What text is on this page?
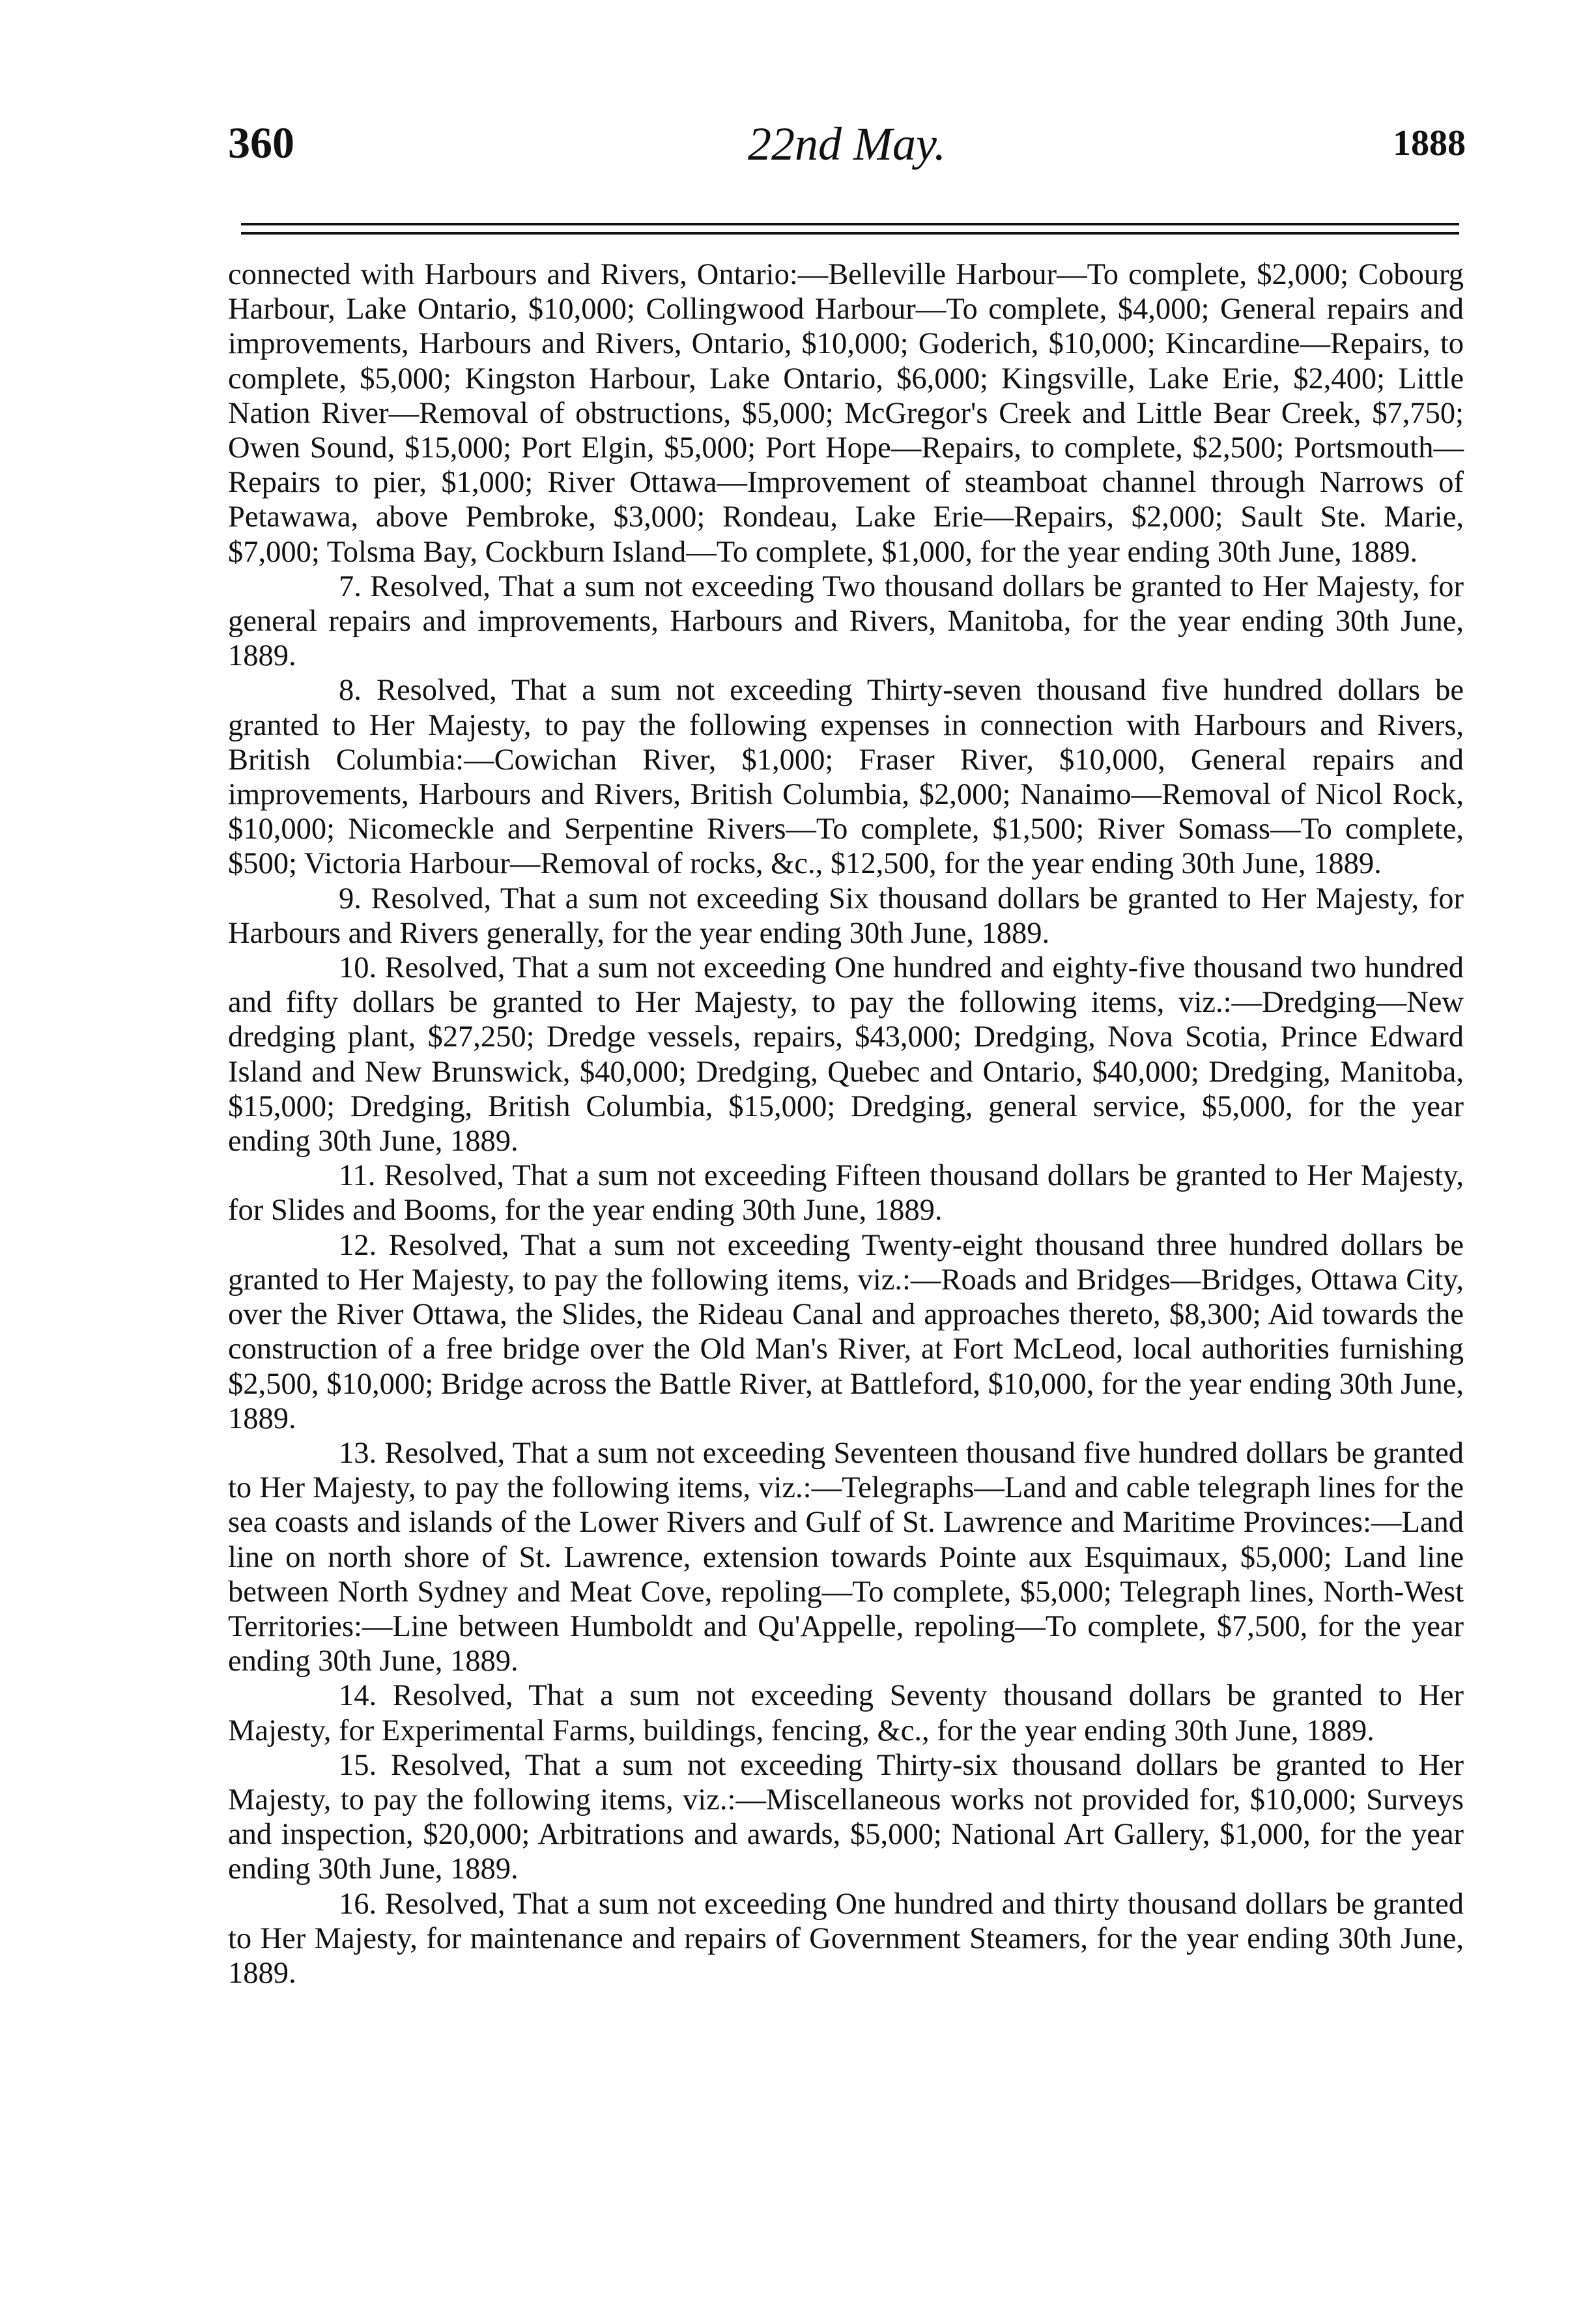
360	22nd May.	1888

connected with Harbours and Rivers, Ontario:—Belleville Harbour—To complete, $2,000; Cobourg Harbour, Lake Ontario, $10,000; Collingwood Harbour—To complete, $4,000; General repairs and improvements, Harbours and Rivers, Ontario, $10,000; Goderich, $10,000; Kincardine—Repairs, to complete, $5,000; Kingston Harbour, Lake Ontario, $6,000; Kingsville, Lake Erie, $2,400; Little Nation River—Removal of obstructions, $5,000; McGregor's Creek and Little Bear Creek, $7,750; Owen Sound, $15,000; Port Elgin, $5,000; Port Hope—Repairs, to complete, $2,500; Portsmouth—Repairs to pier, $1,000; River Ottawa—Improvement of steamboat channel through Narrows of Petawawa, above Pembroke, $3,000; Rondeau, Lake Erie—Repairs, $2,000; Sault Ste. Marie, $7,000; Tolsma Bay, Cockburn Island—To complete, $1,000, for the year ending 30th June, 1889.

7. Resolved, That a sum not exceeding Two thousand dollars be granted to Her Majesty, for general repairs and improvements, Harbours and Rivers, Manitoba, for the year ending 30th June, 1889.

8. Resolved, That a sum not exceeding Thirty-seven thousand five hundred dollars be granted to Her Majesty, to pay the following expenses in connection with Harbours and Rivers, British Columbia:—Cowichan River, $1,000; Fraser River, $10,000, General repairs and improvements, Harbours and Rivers, British Columbia, $2,000; Nanaimo—Removal of Nicol Rock, $10,000; Nicomeckle and Serpentine Rivers—To complete, $1,500; River Somass—To complete, $500; Victoria Harbour—Removal of rocks, &c., $12,500, for the year ending 30th June, 1889.

9. Resolved, That a sum not exceeding Six thousand dollars be granted to Her Majesty, for Harbours and Rivers generally, for the year ending 30th June, 1889.

10. Resolved, That a sum not exceeding One hundred and eighty-five thousand two hundred and fifty dollars be granted to Her Majesty, to pay the following items, viz.:—Dredging—New dredging plant, $27,250; Dredge vessels, repairs, $43,000; Dredging, Nova Scotia, Prince Edward Island and New Brunswick, $40,000; Dredging, Quebec and Ontario, $40,000; Dredging, Manitoba, $15,000; Dredging, British Columbia, $15,000; Dredging, general service, $5,000, for the year ending 30th June, 1889.

11. Resolved, That a sum not exceeding Fifteen thousand dollars be granted to Her Majesty, for Slides and Booms, for the year ending 30th June, 1889.

12. Resolved, That a sum not exceeding Twenty-eight thousand three hundred dollars be granted to Her Majesty, to pay the following items, viz.:—Roads and Bridges—Bridges, Ottawa City, over the River Ottawa, the Slides, the Rideau Canal and approaches thereto, $8,300; Aid towards the construction of a free bridge over the Old Man's River, at Fort McLeod, local authorities furnishing $2,500, $10,000; Bridge across the Battle River, at Battleford, $10,000, for the year ending 30th June, 1889.

13. Resolved, That a sum not exceeding Seventeen thousand five hundred dollars be granted to Her Majesty, to pay the following items, viz.:—Telegraphs—Land and cable telegraph lines for the sea coasts and islands of the Lower Rivers and Gulf of St. Lawrence and Maritime Provinces:—Land line on north shore of St. Lawrence, extension towards Pointe aux Esquimaux, $5,000; Land line between North Sydney and Meat Cove, repoling—To complete, $5,000; Telegraph lines, North-West Territories:—Line between Humboldt and Qu'Appelle, repoling—To complete, $7,500, for the year ending 30th June, 1889.

14. Resolved, That a sum not exceeding Seventy thousand dollars be granted to Her Majesty, for Experimental Farms, buildings, fencing, &c., for the year ending 30th June, 1889.

15. Resolved, That a sum not exceeding Thirty-six thousand dollars be granted to Her Majesty, to pay the following items, viz.:—Miscellaneous works not provided for, $10,000; Surveys and inspection, $20,000; Arbitrations and awards, $5,000; National Art Gallery, $1,000, for the year ending 30th June, 1889.

16. Resolved, That a sum not exceeding One hundred and thirty thousand dollars be granted to Her Majesty, for maintenance and repairs of Government Steamers, for the year ending 30th June, 1889.
